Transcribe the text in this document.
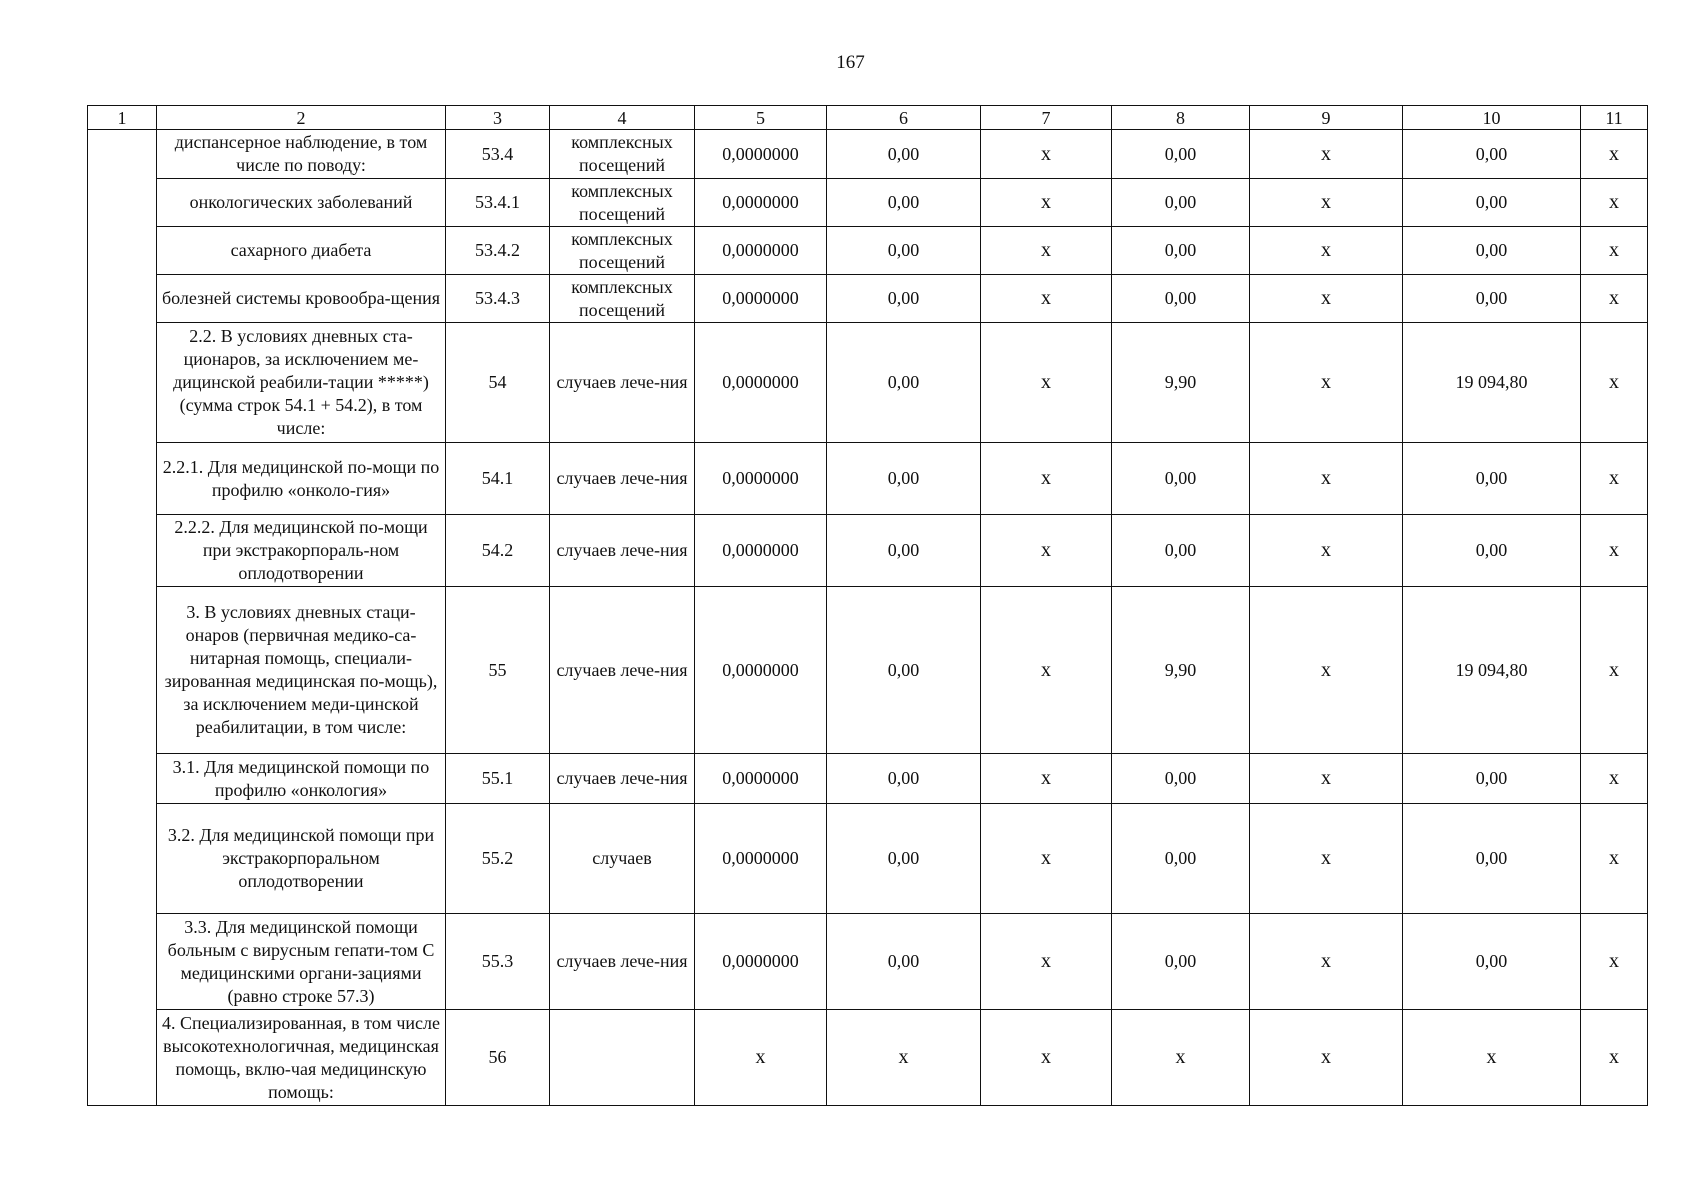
167
1	2	3	4	5	6	7	8	9	10	11
	диспансерное наблюдение, в том числе по поводу:	53.4	комплексных посещений	0,0000000	0,00	х	0,00	х	0,00	х
	онкологических заболеваний	53.4.1	комплексных посещений	0,0000000	0,00	х	0,00	х	0,00	х
	сахарного диабета	53.4.2	комплексных посещений	0,0000000	0,00	х	0,00	х	0,00	х
	болезней системы кровообра-щения	53.4.3	комплексных посещений	0,0000000	0,00	х	0,00	х	0,00	х
	2.2. В условиях дневных ста-ционаров, за исключением ме-дицинской реабили-тации *****) (сумма строк 54.1 + 54.2), в том числе:	54	случаев лече-ния	0,0000000	0,00	х	9,90	х	19 094,80	х
	2.2.1. Для медицинской по-мощи по профилю «онколо-гия»	54.1	случаев лече-ния	0,0000000	0,00	х	0,00	х	0,00	х
	2.2.2. Для медицинской по-мощи при экстракорпораль-ном оплодотворении	54.2	случаев лече-ния	0,0000000	0,00	х	0,00	х	0,00	х
	3. В условиях дневных стаци-онаров (первичная медико-са-нитарная помощь, специали-зированная медицинская по-мощь), за исключением меди-цинской реабилитации, в том числе:	55	случаев лече-ния	0,0000000	0,00	х	9,90	х	19 094,80	х
	3.1. Для медицинской помощи по профилю «онкология»	55.1	случаев лече-ния	0,0000000	0,00	х	0,00	х	0,00	х
	3.2. Для медицинской помощи при экстракорпоральном оплодотворении	55.2	случаев	0,0000000	0,00	х	0,00	х	0,00	х
	3.3. Для медицинской помощи больным с вирусным гепати-том С медицинскими органи-зациями (равно строке 57.3)	55.3	случаев лече-ния	0,0000000	0,00	х	0,00	х	0,00	х
	4. Специализированная, в том числе высокотехнологичная, медицинская помощь, вклю-чая медицинскую помощь:	56		х	х	х	х	х	х	х
